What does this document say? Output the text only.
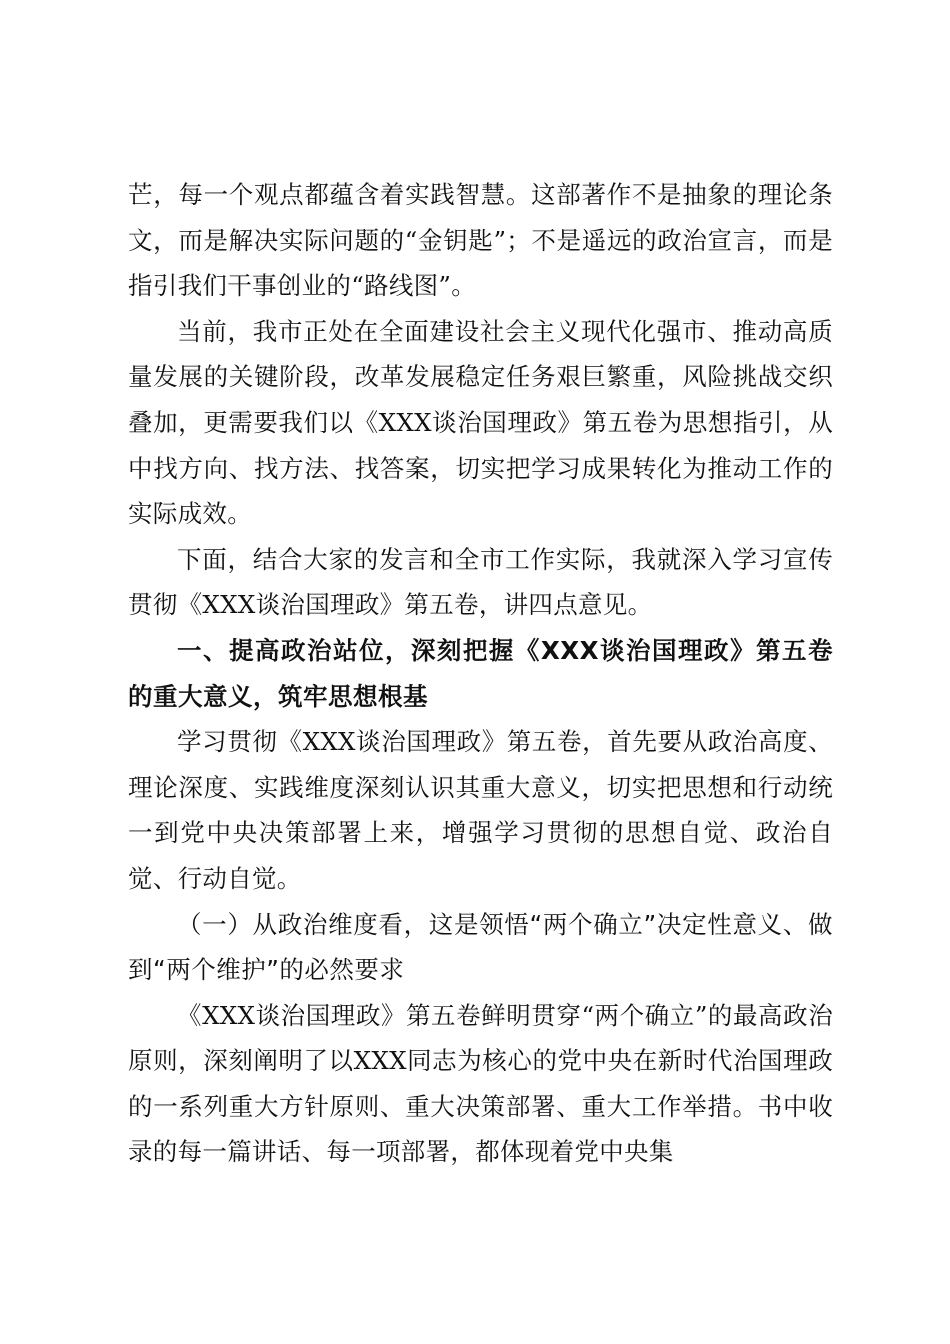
芒，每一个观点都蕴含着实践智慧。这部著作不是抽象的理论条文，而是解决实际问题的“金钥匙”；不是遥远的政治宣言，而是指引我们干事创业的“路线图”。

当前，我市正处在全面建设社会主义现代化强市、推动高质量发展的关键阶段，改革发展稳定任务艰巨繁重，风险挑战交织叠加，更需要我们以《XXX谈治国理政》第五卷为思想指引，从中找方向、找方法、找答案，切实把学习成果转化为推动工作的实际成效。

下面，结合大家的发言和全市工作实际，我就深入学习宣传贯彻《XXX谈治国理政》第五卷，讲四点意见。

一、提高政治站位，深刻把握《XXX谈治国理政》第五卷的重大意义，筑牢思想根基

学习贯彻《XXX谈治国理政》第五卷，首先要从政治高度、理论深度、实践维度深刻认识其重大意义，切实把思想和行动统一到党中央决策部署上来，增强学习贯彻的思想自觉、政治自觉、行动自觉。

（一）从政治维度看，这是领悟“两个确立”决定性意义、做到“两个维护”的必然要求

《XXX谈治国理政》第五卷鲜明贯穿“两个确立”的最高政治原则，深刻阐明了以XXX同志为核心的党中央在新时代治国理政的一系列重大方针原则、重大决策部署、重大工作举措。书中收录的每一篇讲话、每一项部署，都体现着党中央集
